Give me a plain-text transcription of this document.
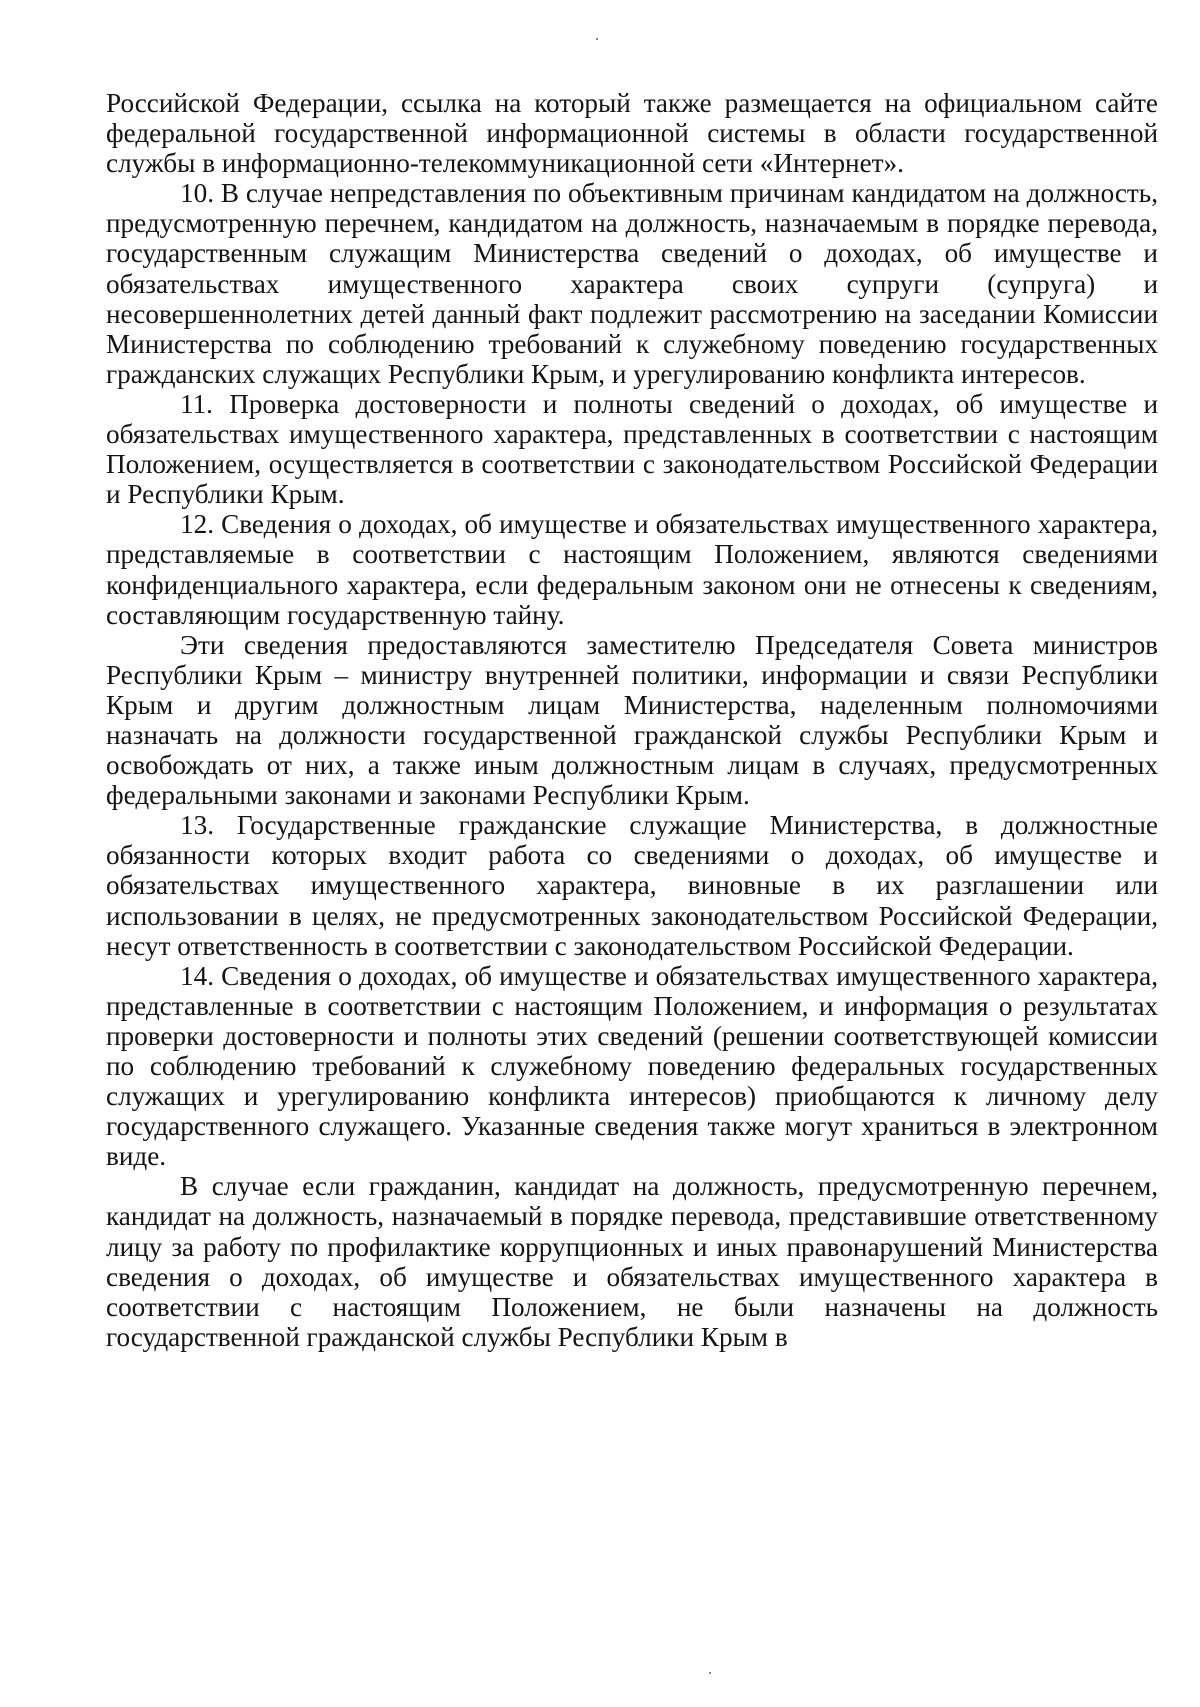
Российской Федерации, ссылка на который также размещается на официальном сайте федеральной государственной информационной системы в области государственной службы в информационно-телекоммуникационной сети «Интернет».

10. В случае непредставления по объективным причинам кандидатом на должность, предусмотренную перечнем, кандидатом на должность, назначаемым в порядке перевода, государственным служащим Министерства сведений о доходах, об имуществе и обязательствах имущественного характера своих супруги (супруга) и несовершеннолетних детей данный факт подлежит рассмотрению на заседании Комиссии Министерства по соблюдению требований к служебному поведению государственных гражданских служащих Республики Крым, и урегулированию конфликта интересов.

11. Проверка достоверности и полноты сведений о доходах, об имуществе и обязательствах имущественного характера, представленных в соответствии с настоящим Положением, осуществляется в соответствии с законодательством Российской Федерации и Республики Крым.

12. Сведения о доходах, об имуществе и обязательствах имущественного характера, представляемые в соответствии с настоящим Положением, являются сведениями конфиденциального характера, если федеральным законом они не отнесены к сведениям, составляющим государственную тайну.

Эти сведения предоставляются заместителю Председателя Совета министров Республики Крым – министру внутренней политики, информации и связи Республики Крым и другим должностным лицам Министерства, наделенным полномочиями назначать на должности государственной гражданской службы Республики Крым и освобождать от них, а также иным должностным лицам в случаях, предусмотренных федеральными законами и законами Республики Крым.

13. Государственные гражданские служащие Министерства, в должностные обязанности которых входит работа со сведениями о доходах, об имуществе и обязательствах имущественного характера, виновные в их разглашении или использовании в целях, не предусмотренных законодательством Российской Федерации, несут ответственность в соответствии с законодательством Российской Федерации.

14. Сведения о доходах, об имуществе и обязательствах имущественного характера, представленные в соответствии с настоящим Положением, и информация о результатах проверки достоверности и полноты этих сведений (решении соответствующей комиссии по соблюдению требований к служебному поведению федеральных государственных служащих и урегулированию конфликта интересов) приобщаются к личному делу государственного служащего. Указанные сведения также могут храниться в электронном виде.

В случае если гражданин, кандидат на должность, предусмотренную перечнем, кандидат на должность, назначаемый в порядке перевода, представившие ответственному лицу за работу по профилактике коррупционных и иных правонарушений Министерства сведения о доходах, об имуществе и обязательствах имущественного характера в соответствии с настоящим Положением, не были назначены на должность государственной гражданской службы Республики Крым в
